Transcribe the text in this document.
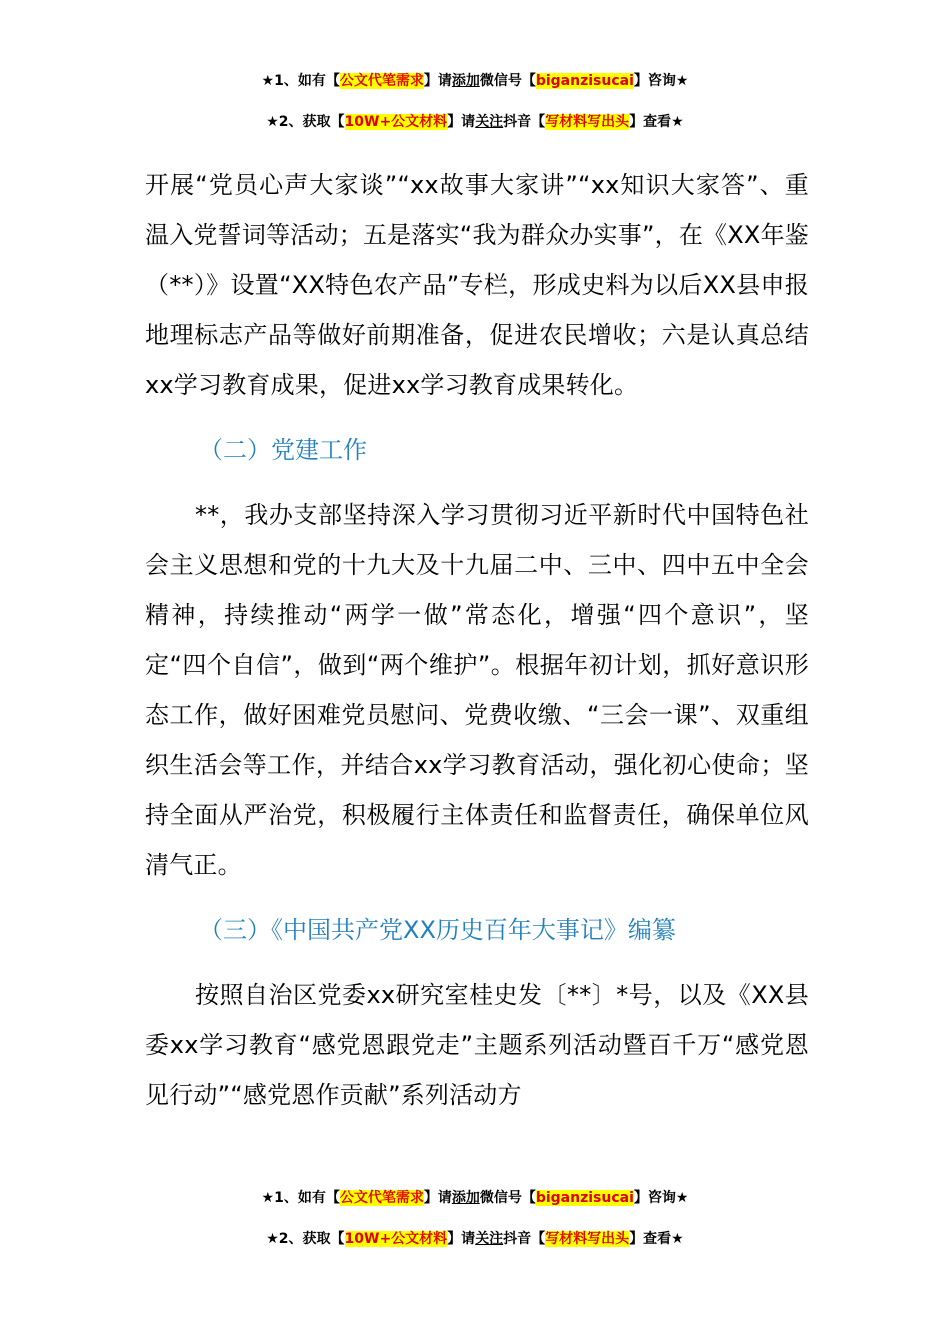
★1、如有【公文代笔需求】请添加微信号【biganzisucai】咨询★
★2、获取【10W+公文材料】请关注抖音【写材料写出头】查看★

开展“党员心声大家谈”“xx故事大家讲”“xx知识大家答”、重温入党誓词等活动；五是落实“我为群众办实事”，在《XX年鉴（**）》设置“XX特色农产品”专栏，形成史料为以后XX县申报地理标志产品等做好前期准备，促进农民增收；六是认真总结xx学习教育成果，促进xx学习教育成果转化。

（二）党建工作

**，我办支部坚持深入学习贯彻习近平新时代中国特色社会主义思想和党的十九大及十九届二中、三中、四中五中全会精神，持续推动“两学一做”常态化，增强“四个意识”，坚定“四个自信”，做到“两个维护”。根据年初计划，抓好意识形态工作，做好困难党员慰问、党费收缴、“三会一课”、双重组织生活会等工作，并结合xx学习教育活动，强化初心使命；坚持全面从严治党，积极履行主体责任和监督责任，确保单位风清气正。

（三）《中国共产党XX历史百年大事记》编纂

按照自治区党委xx研究室桂史发〔**〕*号，以及《XX县委xx学习教育“感党恩跟党走”主题系列活动暨百千万“感党恩见行动”“感党恩作贡献”系列活动方

★1、如有【公文代笔需求】请添加微信号【biganzisucai】咨询★
★2、获取【10W+公文材料】请关注抖音【写材料写出头】查看★
